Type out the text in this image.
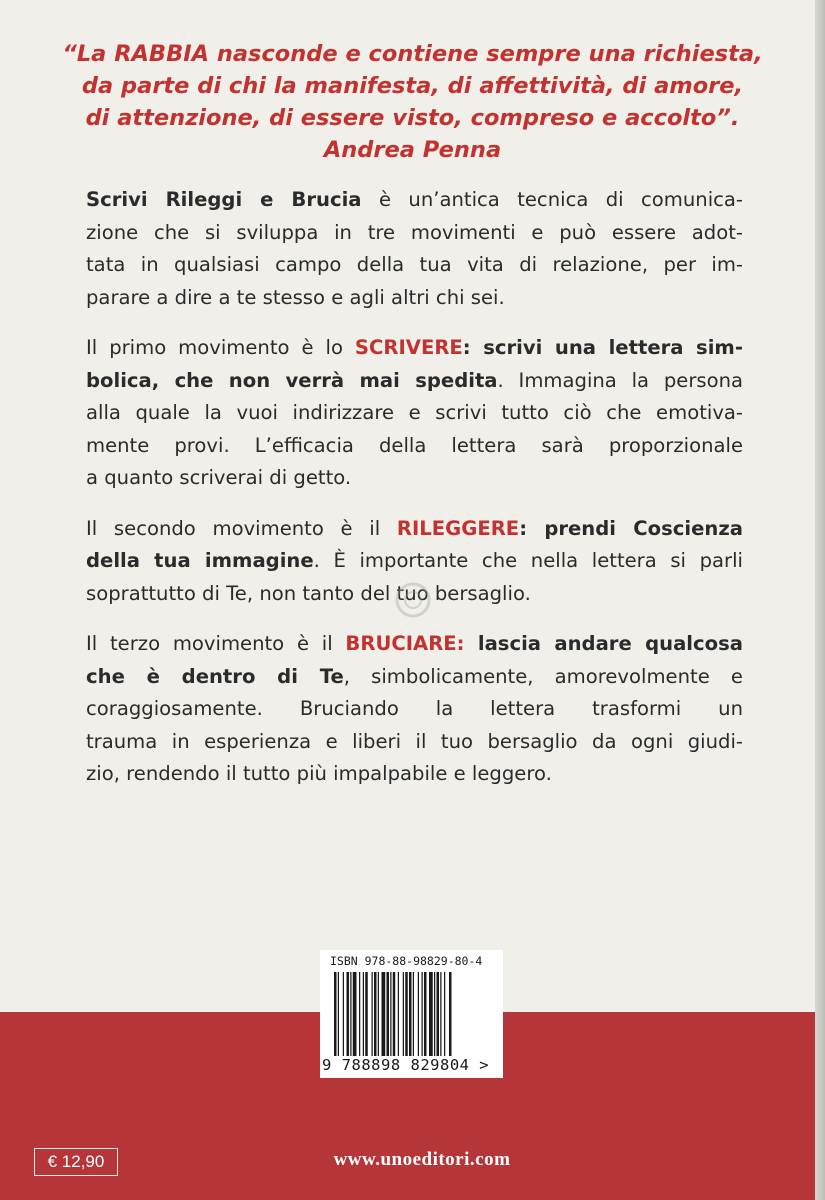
“La RABBIA nasconde e contiene sempre una richiesta,
da parte di chi la manifesta, di affettività, di amore,
di attenzione, di essere visto, compreso e accolto”.
Andrea Penna

Scrivi Rileggi e Brucia è un’antica tecnica di comunica-
zione che si sviluppa in tre movimenti e può essere adot-
tata in qualsiasi campo della tua vita di relazione, per im-
parare a dire a te stesso e agli altri chi sei.

Il primo movimento è lo SCRIVERE: scrivi una lettera sim-
bolica, che non verrà mai spedita. Immagina la persona
alla quale la vuoi indirizzare e scrivi tutto ciò che emotiva-
mente provi. L’efficacia della lettera sarà proporzionale
a quanto scriverai di getto.

Il secondo movimento è il RILEGGERE: prendi Coscienza
della tua immagine. È importante che nella lettera si parli
soprattutto di Te, non tanto del tuo bersaglio.

Il terzo movimento è il BRUCIARE: lascia andare qualcosa
che è dentro di Te, simbolicamente, amorevolmente e
coraggiosamente. Bruciando la lettera trasformi un
trauma in esperienza e liberi il tuo bersaglio da ogni giudi-
zio, rendendo il tutto più impalpabile e leggero.

ISBN 978-88-98829-80-4
9 788898 829804 >
€ 12,90	www.unoeditori.com
